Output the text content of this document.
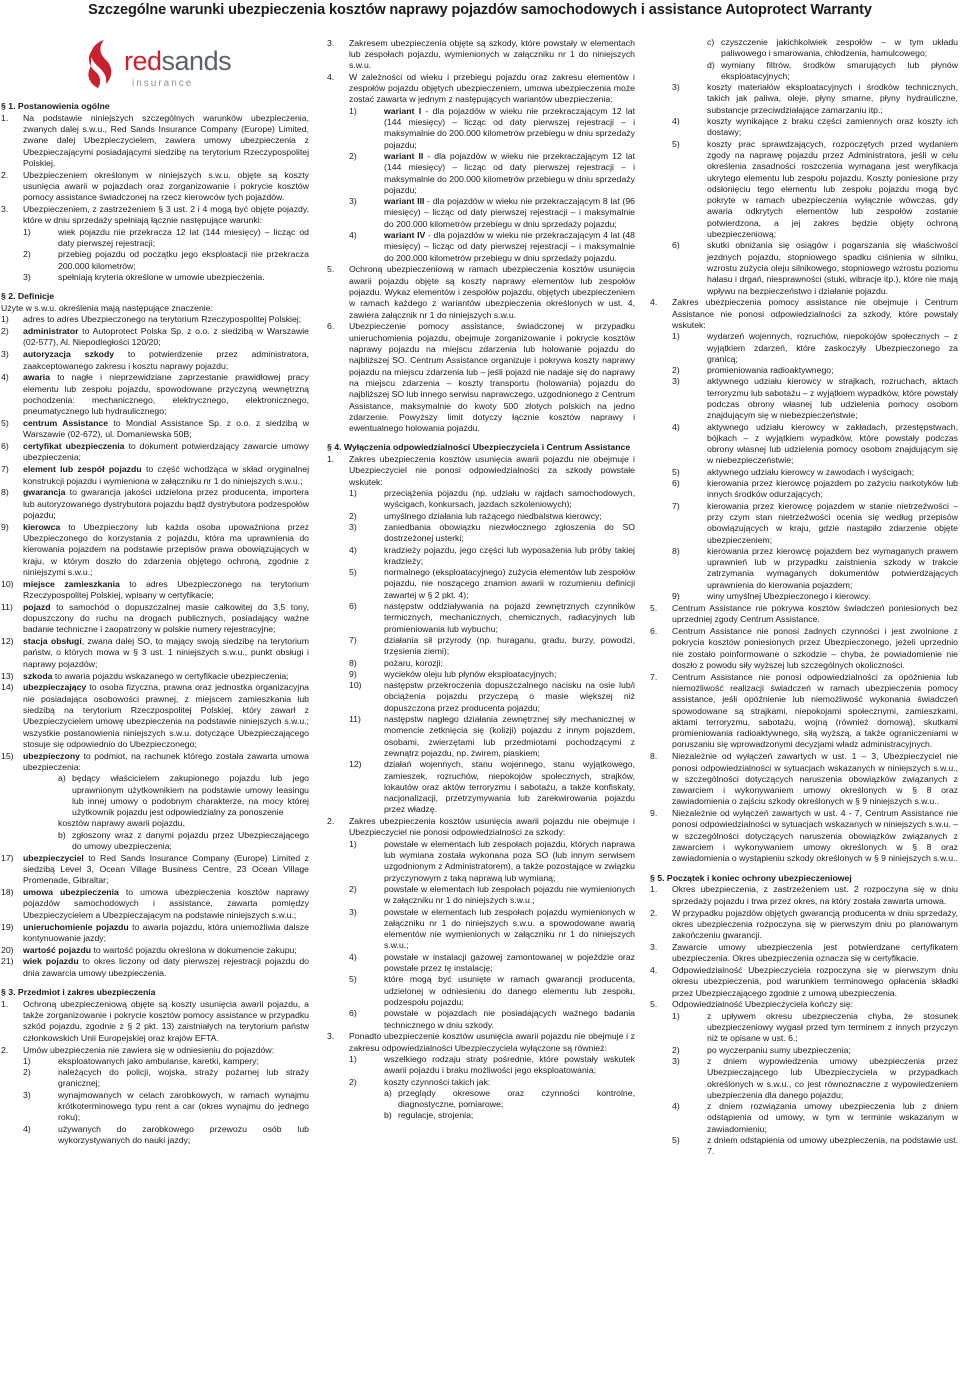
Szczególne warunki ubezpieczenia kosztów naprawy pojazdów samochodowych i assistance Autoprotect Warranty
redsands
insurance
§ 1. Postanowienia ogólne
1.	Na podstawie niniejszych szczególnych warunków ubezpieczenia, zwanych dalej s.w.u., Red Sands Insurance Company (Europe) Limited, zwane dalej Ubezpieczycielem, zawiera umowy ubezpieczenia z Ubezpieczającymi posiadającymi siedzibę na terytorium Rzeczypospolitej Polskiej.
2.	Ubezpieczeniem określonym w niniejszych s.w.u. objęte są koszty usunięcia awarii w pojazdach oraz zorganizowanie i pokrycie kosztów pomocy assistance świadczonej na rzecz kierowców tych pojazdów.
3.	Ubezpieczeniem, z zastrzeżeniem § 3 ust. 2 i 4 mogą być objęte pojazdy, które w dniu sprzedaży spełniają łącznie następujące warunki:
1)	wiek pojazdu nie przekracza 12 lat (144 miesięcy) – licząc od daty pierwszej rejestracji;
2)	przebieg pojazdu od początku jego eksploatacji nie przekracza 200.000 kilometrów;
3)	spełniają kryteria określone w umowie ubezpieczenia.
§ 2. Definicje
Użyte w s.w.u. określenia mają następujące znaczenie:
1)	adres to adres Ubezpieczonego na terytorium Rzeczypospolitej Polskiej;
2)	administrator to Autoprotect Polska Sp. z o.o. z siedzibą w Warszawie (02-577), Al. Niepodległości 120/20;
3)	autoryzacja szkody to potwierdzenie przez administratora, zaakceptowanego zakresu i kosztu naprawy pojazdu;
4)	awaria to nagłe i nieprzewidziane zaprzestanie prawidłowej pracy elementu lub zespołu pojazdu, spowodowane przyczyną wewnętrzną pochodzenia: mechanicznego, elektrycznego, elektronicznego, pneumatycznego lub hydraulicznego;
5)	centrum Assistance to Mondial Assistance Sp. z o.o. z siedzibą w Warszawie (02-672), ul. Domaniewska 50B;
6)	certyfikat ubezpieczenia to dokument potwierdzający zawarcie umowy ubezpieczenia;
7)	element lub zespół pojazdu to część wchodząca w skład oryginalnej konstrukcji pojazdu i wymieniona w załączniku nr 1 do niniejszych s.w.u.;
8)	gwarancja to gwarancja jakości udzielona przez producenta, importera lub autoryzowanego dystrybutora pojazdu bądź dystrybutora podzespołów pojazdu;
9)	kierowca to Ubezpieczony lub każda osoba upoważniona przez Ubezpieczonego do korzystania z pojazdu, która ma uprawnienia do kierowania pojazdem na podstawie przepisów prawa obowiązujących w kraju, w którym doszło do zdarzenia objętego ochroną, zgodnie z niniejszymi s.w.u.;
10)	miejsce zamieszkania to adres Ubezpieczonego na terytorium Rzeczypospolitej Polskiej, wpisany w certyfikacie;
11)	pojazd to samochód o dopuszczalnej masie całkowitej do 3,5 tony, dopuszczony do ruchu na drogach publicznych, posiadający ważne badanie techniczne i zaopatrzony w polskie numery rejestracyjne;
12)	stacja obsługi, zwana dalej SO, to mający swoją siedzibę na terytorium państw, o których mowa w § 3 ust. 1 niniejszych s.w.u., punkt obsługi i naprawy pojazdów;
13)	szkoda to awaria pojazdu wskazanego w certyfikacie ubezpieczenia;
14)	ubezpieczający to osoba fizyczna, prawna oraz jednostka organizacyjna nie posiadająca osobowości prawnej, z miejscem zamieszkania lub siedzibą na terytorium Rzeczpospolitej Polskiej, który zawarł z Ubezpieczycielem umowę ubezpieczenia na podstawie niniejszych s.w.u.; wszystkie postanowienia niniejszych s.w.u. dotyczące Ubezpieczającego stosuje się odpowiednio do Ubezpieczonego;
15)	ubezpieczony to podmiot, na rachunek którego została zawarta umowa ubezpieczenia:
a) będący właścicielem zakupionego pojazdu lub jego uprawnionym użytkownikiem na podstawie umowy leasingu lub innej umowy o podobnym charakterze, na mocy której użytkownik pojazdu jest odpowiedzialny za ponoszenie
kosztów naprawy awarii pojazdu,
b) zgłoszony wraz z danymi pojazdu przez Ubezpieczającego do umowy ubezpieczenia;
17)	ubezpieczyciel to Red Sands Insurance Company (Europe) Limited z siedzibą Level 3, Ocean Village Business Centre, 23 Ocean Village Promenade, Gibraltar;
18)	umowa ubezpieczenia to umowa ubezpieczenia kosztów naprawy pojazdów samochodowych i assistance, zawarta pomiędzy Ubezpieczycielem a Ubezpieczającym na podstawie niniejszych s.w.u.;
19)	unieruchomienie pojazdu to awaria pojazdu, która uniemożliwia dalsze kontynuowanie jazdy;
20)	wartość pojazdu to wartość pojazdu określona w dokumencie zakupu;
21)	wiek pojazdu to okres liczony od daty pierwszej rejestracji pojazdu do dnia zawarcia umowy ubezpieczenia.
§ 3. Przedmiot i zakres ubezpieczenia
1.	Ochroną ubezpieczeniową objęte są koszty usunięcia awarii pojazdu, a także zorganizowanie i pokrycie kosztów pomocy assistance w przypadku szkód pojazdu, zgodnie z § 2 pkt. 13) zaistniałych na terytorium państw członkowskich Unii Europejskiej oraz krajów EFTA.
2.	Umów ubezpieczenia nie zawiera się w odniesieniu do pojazdów:
1)	eksploatowanych jako ambulanse, karetki, kampery;
2)	należących do policji, wojska, straży pożarnej lub straży granicznej;
3)	wynajmowanych w celach zarobkowych, w ramach wynajmu krótkoterminowego typu rent a car (okres wynajmu do jednego roku);
4)	używanych do zarobkowego przewozu osób lub wykorzystywanych do nauki jazdy;
3.	Zakresem ubezpieczenia objęte są szkody, które powstały w elementach lub zespołach pojazdu, wymienionych w załączniku nr 1 do niniejszych s.w.u.
4.	W zależności od wieku i przebiegu pojazdu oraz zakresu elementów i zespołów pojazdu objętych ubezpieczeniem, umowa ubezpieczenia może zostać zawarta w jednym z następujących wariantów ubezpieczenia:
1)	wariant I - dla pojazdów w wieku nie przekraczającym 12 lat (144 miesięcy) – licząc od daty pierwszej rejestracji – i maksymalnie do 200.000 kilometrów przebiegu w dniu sprzedaży pojazdu;
2)	wariant II - dla pojazdów w wieku nie przekraczającym 12 lat (144 miesięcy) – licząc od daty pierwszej rejestracji – i maksymalnie do 200.000 kilometrów przebiegu w dniu sprzedaży pojazdu;
3)	wariant III - dla pojazdów w wieku nie przekraczającym 8 lat (96 miesięcy) – licząc od daty pierwszej rejestracji – i maksymalnie do 200.000 kilometrów przebiegu w dniu sprzedaży pojazdu;
4)	wariant IV - dla pojazdów w wieku nie przekraczającym 4 lat (48 miesięcy) – licząc od daty pierwszej rejestracji – i maksymalnie do 200.000 kilometrów przebiegu w dniu sprzedaży pojazdu.
5.	Ochroną ubezpieczeniową w ramach ubezpieczenia kosztów usunięcia awarii pojazdu objęte są koszty naprawy elementów lub zespołów pojazdu. Wykaz elementów i zespołów pojazdu, objętych ubezpieczeniem w ramach każdego z wariantów ubezpieczenia określonych w ust. 4, zawiera załącznik nr 1 do niniejszych s.w.u.
6.	Ubezpieczenie pomocy assistance, świadczonej w przypadku unieruchomienia pojazdu, obejmuje zorganizowanie i pokrycie kosztów naprawy pojazdu na miejscu zdarzenia lub holowanie pojazdu do najbliższej SO. Centrum Assistance organizuje i pokrywa koszty naprawy pojazdu na miejscu zdarzenia lub – jeśli pojazd nie nadaje się do naprawy na miejscu zdarzenia – koszty transportu (holowania) pojazdu do najbliższej SO lub innego serwisu naprawczego, uzgodnionego z Centrum Assistance, maksymalnie do kwoty 500 złotych polskich na jedno zdarzenie. Powyższy limit dotyczy łącznie kosztów naprawy i ewentualnego holowania pojazdu.
§ 4. Wyłączenia odpowiedzialności Ubezpieczyciela i Centrum Assistance
1.	Zakres ubezpieczenia kosztów usunięcia awarii pojazdu nie obejmuje i Ubezpieczyciel nie ponosi odpowiedzialności za szkody powstałe wskutek:
1)	przeciążenia pojazdu (np. udziału w rajdach samochodowych, wyścigach, konkursach, jazdach szkoleniowych);
2)	umyślnego działania lub rażącego niedbalstwa kierowcy;
3)	zaniedbania obowiązku niezwłocznego zgłoszenia do SO dostrzeżonej usterki;
4)	kradzieży pojazdu, jego części lub wyposażenia lub próby takiej kradzieży;
5)	normalnego (eksploatacyjnego) zużycia elementów lub zespołów pojazdu, nie noszącego znamion awarii w rozumieniu definicji zawartej w § 2 pkt. 4);
6)	następstw oddziaływania na pojazd zewnętrznych czynników termicznych, mechanicznych, chemicznych, radiacyjnych lub promieniowania lub wybuchu;
7)	działania sił przyrody (np. huraganu, gradu, burzy, powodzi, trzęsienia ziemi);
8)	pożaru, korozji;
9)	wycieków oleju lub płynów eksploatacyjnych;
10)	następstw przekroczenia dopuszczalnego nacisku na osie lub/i obciążenia pojazdu przyczepą o masie większej niż dopuszczona przez producenta pojazdu;
11)	następstw nagłego działania zewnętrznej siły mechanicznej w momencie zetknięcia się (kolizji) pojazdu z innym pojazdem, osobami, zwierzętami lub przedmiotami pochodzącymi z zewnątrz pojazdu, np. żwirem, piaskiem;
12)	działań wojennych, stanu wojennego, stanu wyjątkowego, zamieszek, rozruchów, niepokojów społecznych, strajków, lokautów oraz aktów terroryzmu i sabotażu, a także konfiskaty, nacjonalizacji, przetrzymywania lub zarekwirowania pojazdu przez władzę.
2.	Zakres ubezpieczenia kosztów usunięcia awarii pojazdu nie obejmuje i Ubezpieczyciel nie ponosi odpowiedzialności za szkody:
1)	powstałe w elementach lub zespołach pojazdu, których naprawa lub wymiana została wykonana poza SO (lub innym serwisem uzgodnionym z Administratorem), a także pozostające w związku przyczynowym z taką naprawą lub wymianą;
2)	powstałe w elementach lub zespołach pojazdu nie wymienionych w załączniku nr 1 do niniejszych s.w.u.;
3)	powstałe w elementach lub zespołach pojazdu wymienionych w załączniku nr 1 do niniejszych s.w.u. a spowodowane awarią elementów nie wymienionych w załączniku nr 1 do niniejszych s.w.u.;
4)	powstałe w instalacji gazowej zamontowanej w pojeździe oraz powstałe przez tę instalację;
5)	które mogą być usunięte w ramach gwarancji producenta, udzielonej w odniesieniu do danego elementu lub zespołu, podzespołu pojazdu;
6)	powstałe w pojazdach nie posiadających ważnego badania technicznego w dniu szkody.
3.	Ponadto ubezpieczenie kosztów usunięcia awarii pojazdu nie obejmuje i z zakresu odpowiedzialności Ubezpieczyciela wyłączone są również:
1)	wszelkiego rodzaju straty pośrednie, które powstały wskutek awarii pojazdu i braku możliwości jego eksploatowania;
2)	koszty czynności takich jak:
a) przeglądy okresowe oraz czynności kontrolne, diagnostyczne, pomiarowe;
b) regulacje, strojenia;
c) czyszczenie jakichkolwiek zespołów – w tym układu paliwowego i smarowania, chłodzenia, hamulcowego;
d) wymiany filtrów, środków smarujących lub płynów eksploatacyjnych;
3)	koszty materiałów eksploatacyjnych i środków technicznych, takich jak paliwa, oleje, płyny smarne, płyny hydrauliczne, substancje przeciwdziałające zamarzaniu itp.;
4)	koszty wynikające z braku części zamiennych oraz koszty ich dostawy;
5)	koszty prac sprawdzających, rozpoczętych przed wydaniem zgody na naprawę pojazdu przez Administratora, jeśli w celu określenia zasadności roszczenia wymagana jest weryfikacja ukrytego elementu lub zespołu pojazdu. Koszty poniesione przy odsłonięciu tego elementu lub zespołu pojazdu mogą być pokryte w ramach ubezpieczenia wyłącznie wówczas, gdy awaria odkrytych elementów lub zespołów zostanie potwierdzona, a jej zakres będzie objęty ochroną ubezpieczeniową;
6)	skutki obniżania się osiągów i pogarszania się właściwości jezdnych pojazdu, stopniowego spadku ciśnienia w silniku, wzrostu zużycia oleju silnikowego, stopniowego wzrostu poziomu hałasu i drgań, niesprawności (stuki, wibracje itp.), które nie mają wpływu na bezpieczeństwo i działanie pojazdu.
4.	Zakres ubezpieczenia pomocy assistance nie obejmuje i Centrum Assistance nie ponosi odpowiedzialności za szkody, które powstały wskutek:
1)	wydarzeń wojennych, rozruchów, niepokojów społecznych – z wyjątkiem zdarzeń, które zaskoczyły Ubezpieczonego za granicą;
2)	promieniowania radioaktywnego;
3)	aktywnego udziału kierowcy w strajkach, rozruchach, aktach terroryzmu lub sabotażu – z wyjątkiem wypadków, które powstały podczas obrony własnej lub udzielenia pomocy osobom znajdującym się w niebezpieczeństwie;
4)	aktywnego udziału kierowcy w zakładach, przestępstwach, bójkach – z wyjątkiem wypadków, które powstały podczas obrony własnej lub udzielenia pomocy osobom znajdującym się w niebezpieczeństwie;
5)	aktywnego udziału kierowcy w zawodach i wyścigach;
6)	kierowania przez kierowcę pojazdem po zażyciu narkotyków lub innych środków odurzających;
7)	kierowania przez kierowcę pojazdem w stanie nietrzeźwości – przy czym stan nietrzeźwości ocenia się według przepisów obowiązujących w kraju, gdzie nastąpiło zdarzenie objęte ubezpieczeniem;
8)	kierowania przez kierowcę pojazdem bez wymaganych prawem uprawnień lub w przypadku zaistnienia szkody w trakcie zatrzymania wymaganych dokumentów potwierdzających uprawnienia do kierowania pojazdem;
9)	winy umyślnej Ubezpieczonego i kierowcy.
5.	Centrum Assistance nie pokrywa kosztów świadczeń poniesionych bez uprzedniej zgody Centrum Assistance.
6.	Centrum Assistance nie ponosi żadnych czynności i jest zwolnione z pokrycia kosztów poniesionych przez Ubezpieczonego, jeżeli uprzednio nie zostało poinformowane o szkodzie – chyba, że powiadomienie nie doszło z powodu siły wyższej lub szczególnych okoliczności.
7.	Centrum Assistance nie ponosi odpowiedzialności za opóźnienia lub niemożliwość realizacji świadczeń w ramach ubezpieczenia pomocy assistance, jeśli opóźnienie lub niemożliwość wykonania świadczeń spowodowane są strajkami, niepokojami społecznymi, zamieszkami, aktami terroryzmu, sabotażu, wojną (również domową), skutkami promieniowania radioaktywnego, siłą wyższą, a także ograniczeniami w poruszaniu się wprowadzonymi decyzjami władz administracyjnych.
8.	Niezależnie od wyłączeń zawartych w ust. 1 – 3, Ubezpieczyciel nie ponosi odpowiedzialności w sytuacjach wskazanych w niniejszych s.w.u., w szczególności dotyczących naruszenia obowiązków związanych z zawarciem i wykonywaniem umowy określonych w § 8 oraz zawiadomienia o zajściu szkody określonych w § 9 niniejszych s.w.u..
9.	Niezależnie od wyłączeń zawartych w ust. 4 - 7, Centrum Assistance nie ponosi odpowiedzialności w sytuacjach wskazanych w niniejszych s.w.u. – w szczególności dotyczących naruszenia obowiązków związanych z zawarciem i wykonywaniem umowy określonych w § 8 oraz zawiadomienia o wystąpieniu szkody określonych w § 9 niniejszych s.w.u..
§ 5. Początek i koniec ochrony ubezpieczeniowej
1.	Okres ubezpieczenia, z zastrzeżeniem ust. 2 rozpoczyna się w dniu sprzedaży pojazdu i trwa przez okres, na który została zawarta umowa.
2.	W przypadku pojazdów objętych gwarancją producenta w dniu sprzedaży, okres ubezpieczenia rozpoczyna się w pierwszym dniu po planowanym zakończeniu gwarancji.
3.	Zawarcie umowy ubezpieczenia jest potwierdzane certyfikatem ubezpieczenia. Okres ubezpieczenia oznacza się w certyfikacie.
4.	Odpowiedzialność Ubezpieczyciela rozpoczyna się w pierwszym dniu okresu ubezpieczenia, pod warunkiem terminowego opłacenia składki przez Ubezpieczającego zgodnie z umową ubezpieczenia.
5.	Odpowiedzialność Ubezpieczyciela kończy się:
1)	z upływem okresu ubezpieczenia chyba, że stosunek ubezpieczeniowy wygasł przed tym terminem z innych przyczyn niż te opisane w ust. 6.;
2)	po wyczerpaniu sumy ubezpieczenia;
3)	z dniem wypowiedzenia umowy ubezpieczenia przez Ubezpieczającego lub Ubezpieczyciela w przypadkach określonych w s.w.u., co jest równoznaczne z wypowiedzeniem ubezpieczenia dla danego pojazdu;
4)	z dniem rozwiązania umowy ubezpieczenia lub z dniem odstąpienia od umowy, w tym w terminie wskazanym w zawiadomieniu;
5)	z dniem odstąpienia od umowy ubezpieczenia, na podstawie ust. 7.
